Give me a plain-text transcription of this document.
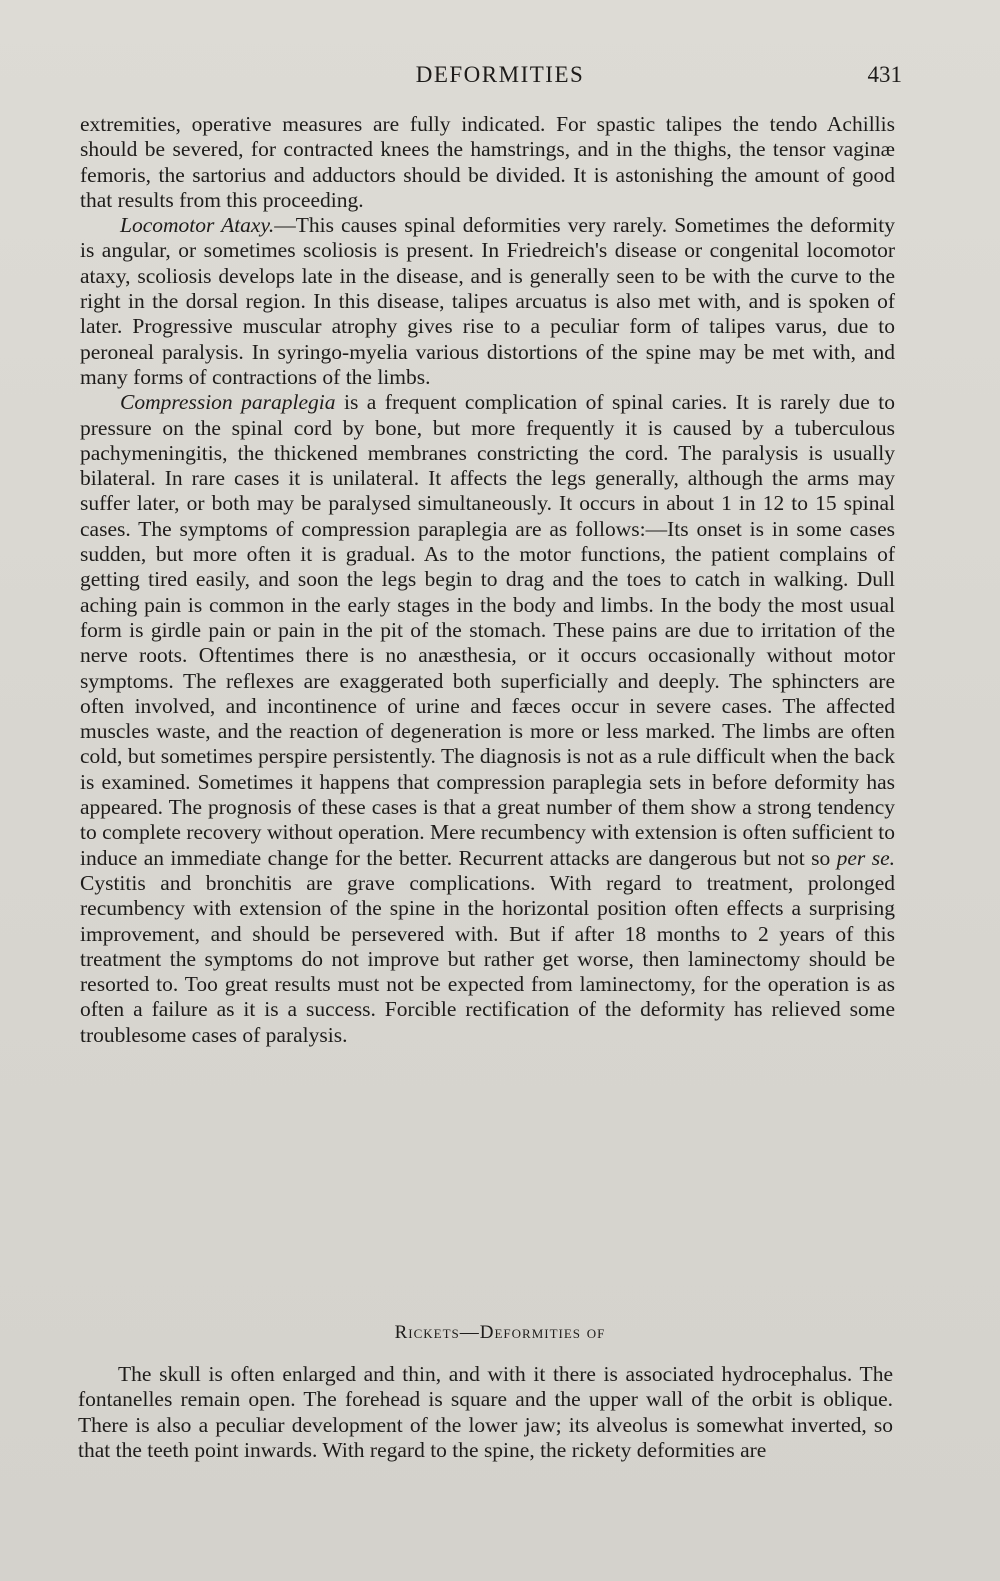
DEFORMITIES	431

extremities, operative measures are fully indicated. For spastic talipes the tendo Achillis should be severed, for contracted knees the hamstrings, and in the thighs, the tensor vaginæ femoris, the sartorius and adductors should be divided. It is astonishing the amount of good that results from this proceeding.

Locomotor Ataxy.—This causes spinal deformities very rarely. Sometimes the deformity is angular, or sometimes scoliosis is present. In Friedreich's disease or congenital locomotor ataxy, scoliosis develops late in the disease, and is generally seen to be with the curve to the right in the dorsal region. In this disease, talipes arcuatus is also met with, and is spoken of later. Progressive muscular atrophy gives rise to a peculiar form of talipes varus, due to peroneal paralysis. In syringo-myelia various distortions of the spine may be met with, and many forms of contractions of the limbs.

Compression paraplegia is a frequent complication of spinal caries. It is rarely due to pressure on the spinal cord by bone, but more frequently it is caused by a tuberculous pachymeningitis, the thickened membranes constricting the cord. The paralysis is usually bilateral. In rare cases it is unilateral. It affects the legs generally, although the arms may suffer later, or both may be paralysed simultaneously. It occurs in about 1 in 12 to 15 spinal cases. The symptoms of compression paraplegia are as follows:—Its onset is in some cases sudden, but more often it is gradual. As to the motor functions, the patient complains of getting tired easily, and soon the legs begin to drag and the toes to catch in walking. Dull aching pain is common in the early stages in the body and limbs. In the body the most usual form is girdle pain or pain in the pit of the stomach. These pains are due to irritation of the nerve roots. Oftentimes there is no anæsthesia, or it occurs occasionally without motor symptoms. The reflexes are exaggerated both superficially and deeply. The sphincters are often involved, and incontinence of urine and fæces occur in severe cases. The affected muscles waste, and the reaction of degeneration is more or less marked. The limbs are often cold, but sometimes perspire persistently. The diagnosis is not as a rule difficult when the back is examined. Sometimes it happens that compression paraplegia sets in before deformity has appeared. The prognosis of these cases is that a great number of them show a strong tendency to complete recovery without operation. Mere recumbency with extension is often sufficient to induce an immediate change for the better. Recurrent attacks are dangerous but not so per se. Cystitis and bronchitis are grave complications. With regard to treatment, prolonged recumbency with extension of the spine in the horizontal position often effects a surprising improvement, and should be persevered with. But if after 18 months to 2 years of this treatment the symptoms do not improve but rather get worse, then laminectomy should be resorted to. Too great results must not be expected from laminectomy, for the operation is as often a failure as it is a success. Forcible rectification of the deformity has relieved some troublesome cases of paralysis.

Rickets—Deformities of

The skull is often enlarged and thin, and with it there is associated hydrocephalus. The fontanelles remain open. The forehead is square and the upper wall of the orbit is oblique. There is also a peculiar development of the lower jaw; its alveolus is somewhat inverted, so that the teeth point inwards. With regard to the spine, the rickety deformities are
